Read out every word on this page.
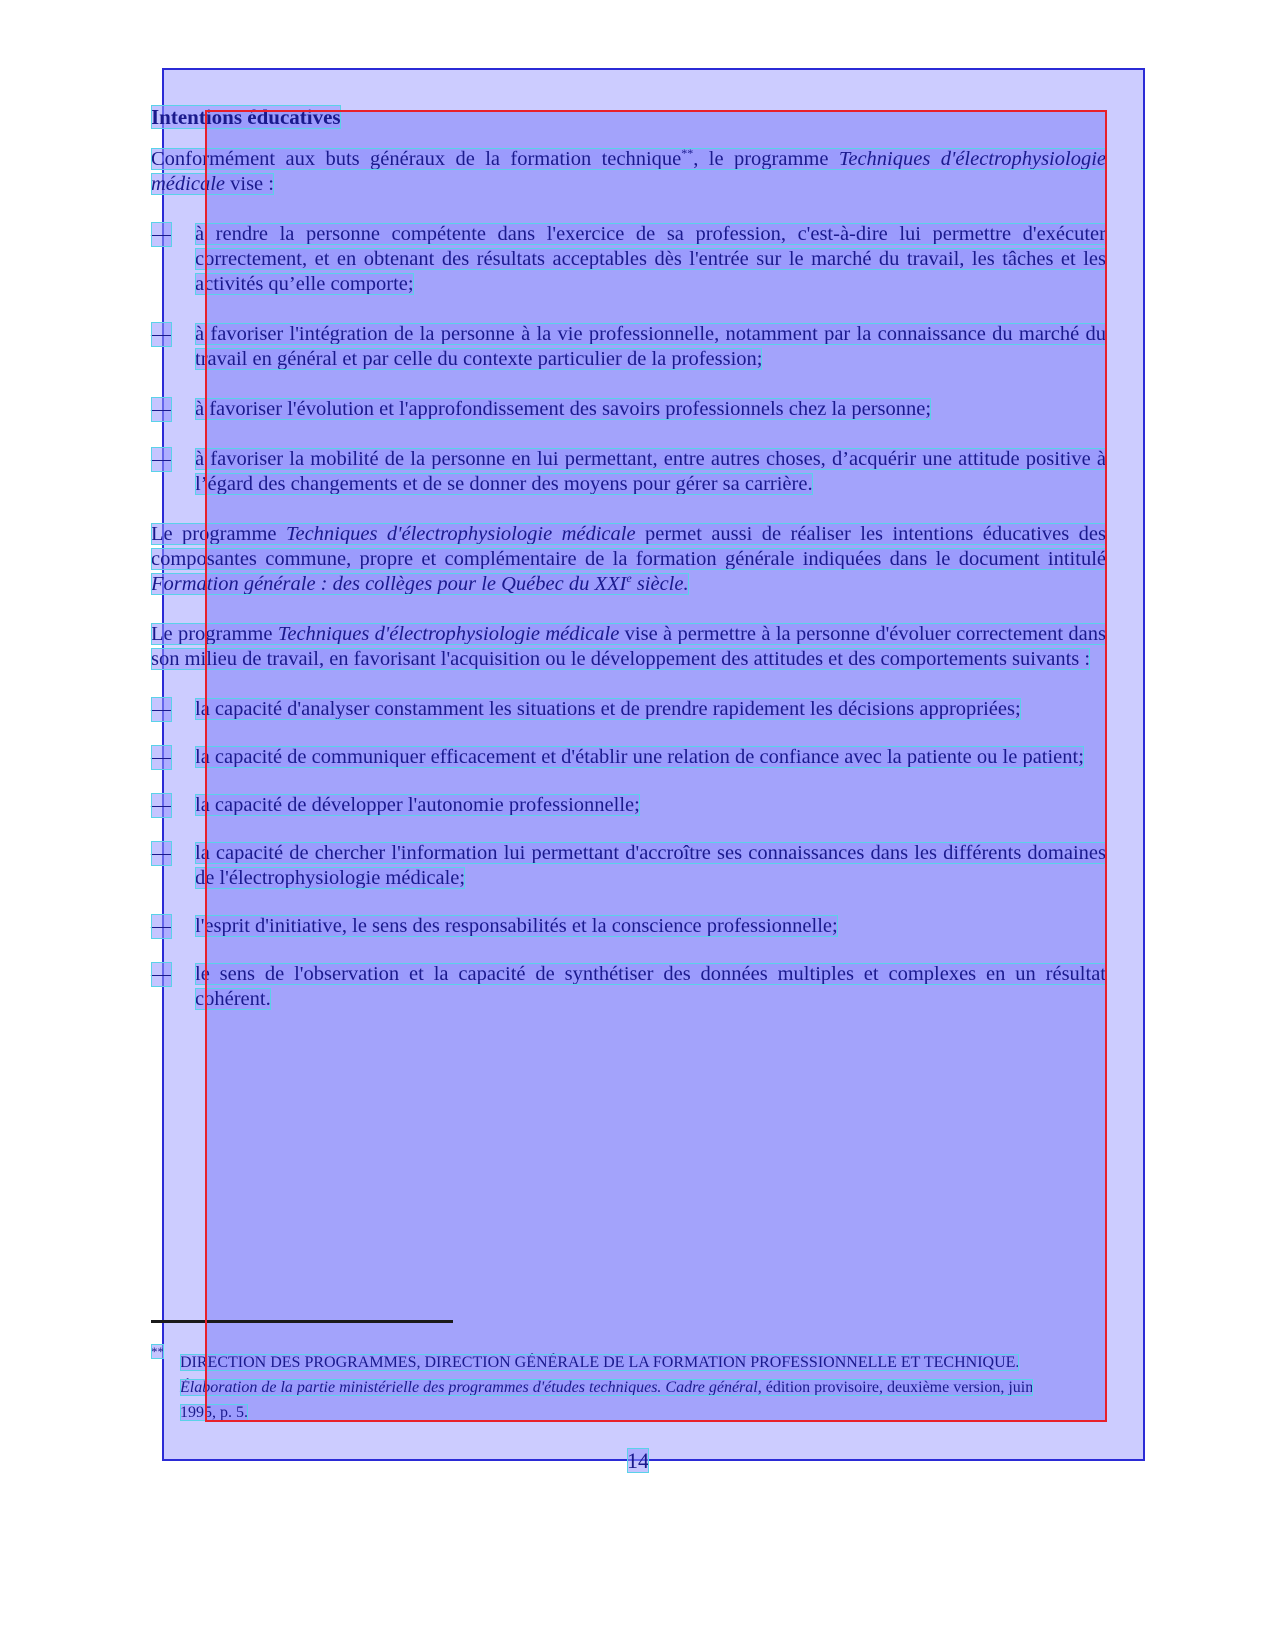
Intentions éducatives

Conformément aux buts généraux de la formation technique**, le programme Techniques d'électrophysiologie médicale vise :

— à rendre la personne compétente dans l'exercice de sa profession, c'est-à-dire lui permettre d'exécuter correctement, et en obtenant des résultats acceptables dès l'entrée sur le marché du travail, les tâches et les activités qu’elle comporte;
— à favoriser l'intégration de la personne à la vie professionnelle, notamment par la connaissance du marché du travail en général et par celle du contexte particulier de la profession;
— à favoriser l'évolution et l'approfondissement des savoirs professionnels chez la personne;
— à favoriser la mobilité de la personne en lui permettant, entre autres choses, d’acquérir une attitude positive à l’égard des changements et de se donner des moyens pour gérer sa carrière.

Le programme Techniques d'électrophysiologie médicale permet aussi de réaliser les intentions éducatives des composantes commune, propre et complémentaire de la formation générale indiquées dans le document intitulé Formation générale : des collèges pour le Québec du XXIe siècle.

Le programme Techniques d'électrophysiologie médicale vise à permettre à la personne d'évoluer correctement dans son milieu de travail, en favorisant l'acquisition ou le développement des attitudes et des comportements suivants :

— la capacité d'analyser constamment les situations et de prendre rapidement les décisions appropriées;
— la capacité de communiquer efficacement et d'établir une relation de confiance avec la patiente ou le patient;
— la capacité de développer l'autonomie professionnelle;
— la capacité de chercher l'information lui permettant d'accroître ses connaissances dans les différents domaines de l'électrophysiologie médicale;
— l'esprit d'initiative, le sens des responsabilités et la conscience professionnelle;
— le sens de l'observation et la capacité de synthétiser des données multiples et complexes en un résultat cohérent.
**
DIRECTION DES PROGRAMMES, DIRECTION GÉNÉRALE DE LA FORMATION PROFESSIONNELLE ET TECHNIQUE. Élaboration de la partie ministérielle des programmes d'études techniques. Cadre général, édition provisoire, deuxième version, juin 1995, p. 5.
14
